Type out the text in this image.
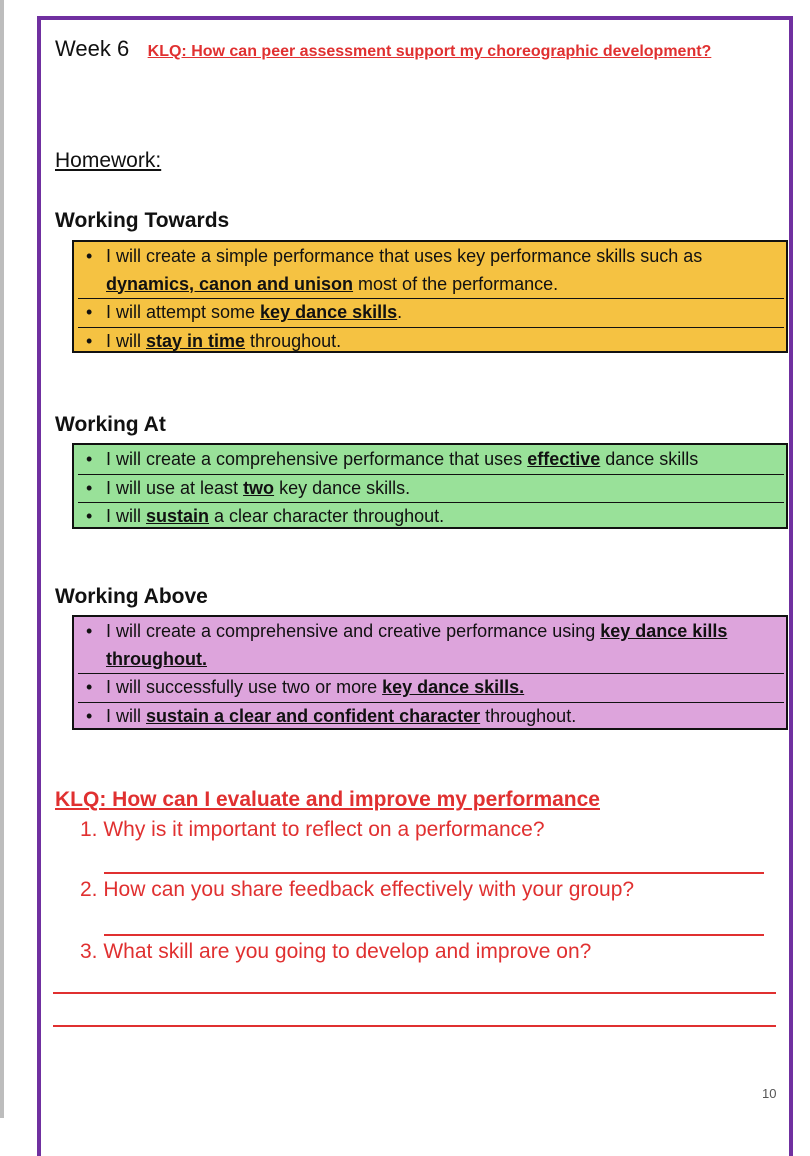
Week 6 KLQ: How can peer assessment support my choreographic development?
Homework:
Working Towards
• I will create a simple performance that uses key performance skills such as dynamics, canon and unison most of the performance.
• I will attempt some key dance skills.
• I will stay in time throughout.
Working At
• I will create a comprehensive performance that uses effective dance skills
• I will use at least two key dance skills.
• I will sustain a clear character throughout.
Working Above
• I will create a comprehensive and creative performance using key dance kills throughout.
• I will successfully use two or more key dance skills.
• I will sustain a clear and confident character throughout.
KLQ: How can I evaluate and improve my performance
1. Why is it important to reflect on a performance?
2. How can you share feedback effectively with your group?
3. What skill are you going to develop and improve on?
10
